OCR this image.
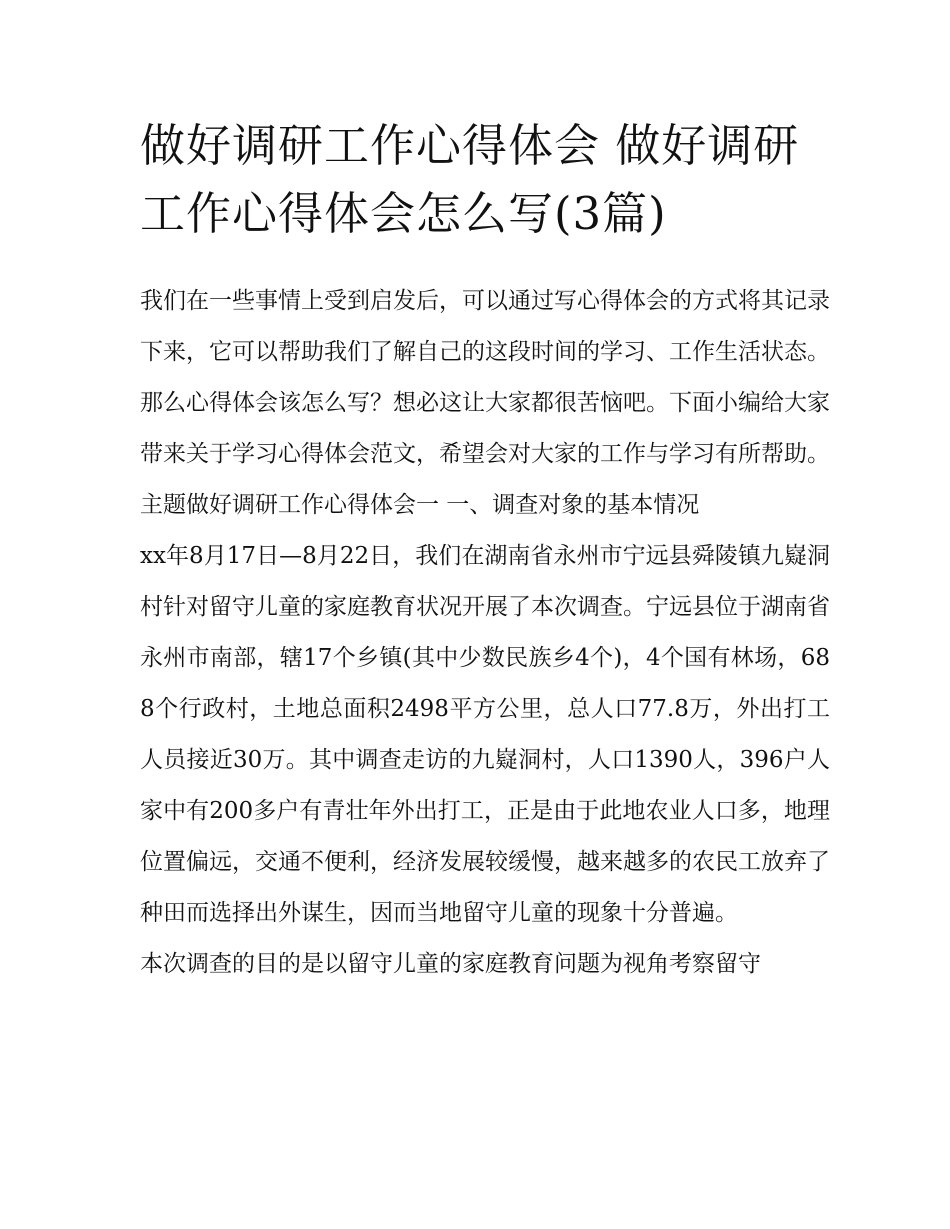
做好调研工作心得体会 做好调研工作心得体会怎么写(3篇)

我们在一些事情上受到启发后，可以通过写心得体会的方式将其记录下来，它可以帮助我们了解自己的这段时间的学习、工作生活状态。那么心得体会该怎么写？想必这让大家都很苦恼吧。下面小编给大家带来关于学习心得体会范文，希望会对大家的工作与学习有所帮助。

主题做好调研工作心得体会一 一、调查对象的基本情况

xx年8月17日—8月22日，我们在湖南省永州市宁远县舜陵镇九嶷洞村针对留守儿童的家庭教育状况开展了本次调查。宁远县位于湖南省永州市南部，辖17个乡镇(其中少数民族乡4个)，4个国有林场，688个行政村，土地总面积2498平方公里，总人口77.8万，外出打工人员接近30万。其中调查走访的九嶷洞村，人口1390人，396户人家中有200多户有青壮年外出打工，正是由于此地农业人口多，地理位置偏远，交通不便利，经济发展较缓慢，越来越多的农民工放弃了种田而选择出外谋生，因而当地留守儿童的现象十分普遍。

本次调查的目的是以留守儿童的家庭教育问题为视角考察留守
